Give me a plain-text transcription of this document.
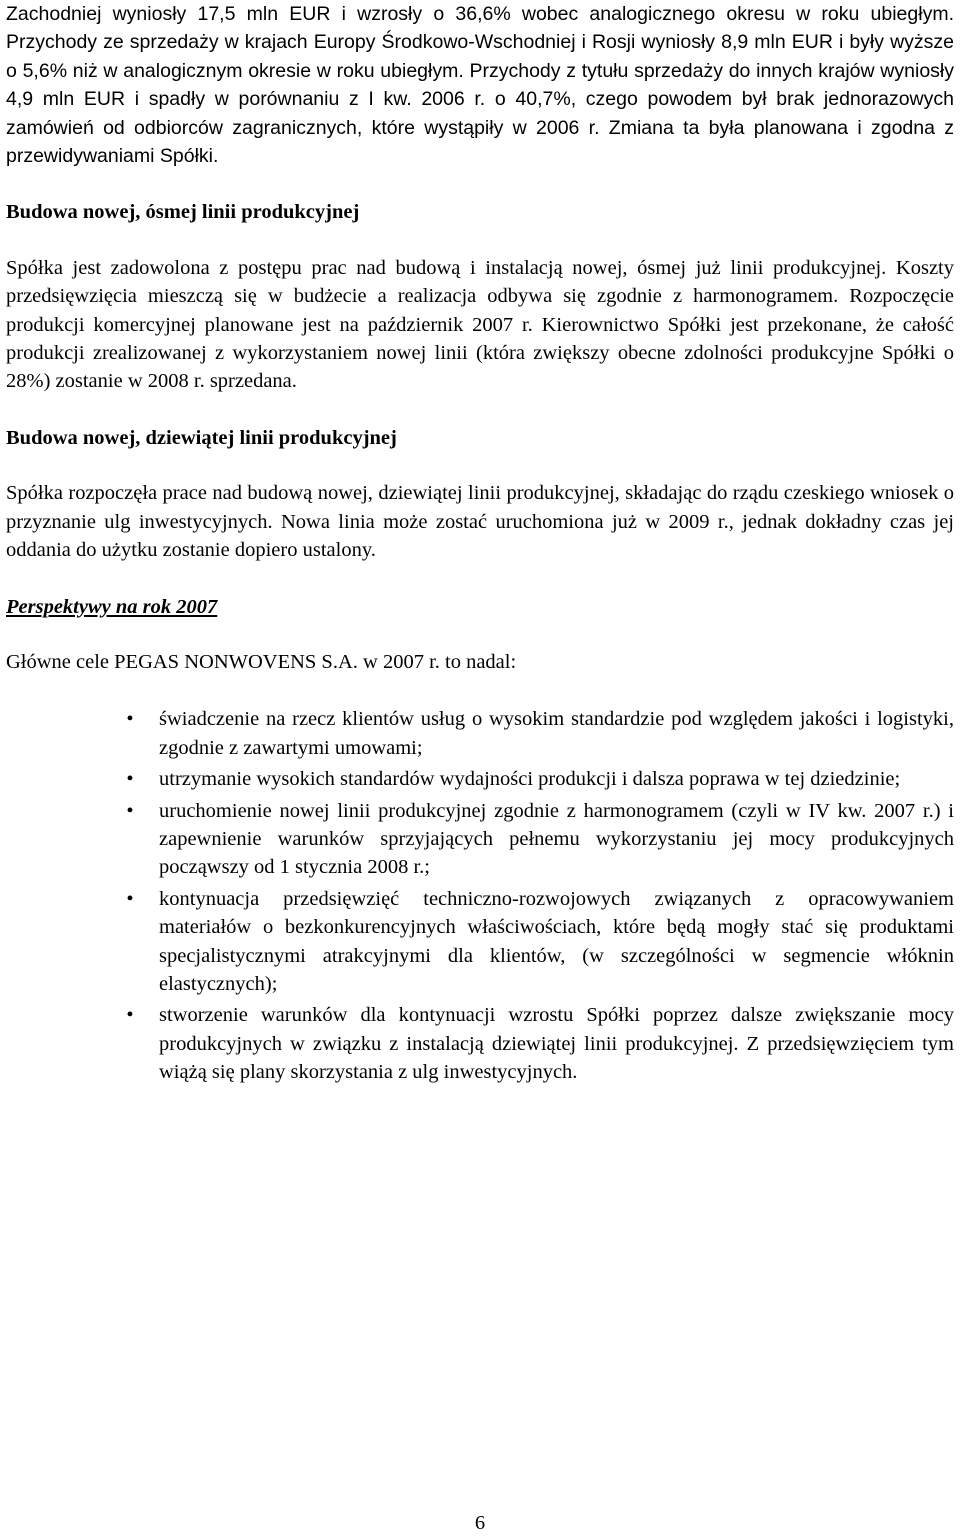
Zachodniej wyniosły 17,5 mln EUR i wzrosły o 36,6% wobec analogicznego okresu w roku ubiegłym. Przychody ze sprzedaży w krajach Europy Środkowo-Wschodniej i Rosji wyniosły 8,9 mln EUR i były wyższe o 5,6% niż w analogicznym okresie w roku ubiegłym. Przychody z tytułu sprzedaży do innych krajów wyniosły 4,9 mln EUR i spadły w porównaniu z I kw. 2006 r. o 40,7%, czego powodem był brak jednorazowych zamówień od odbiorców zagranicznych, które wystąpiły w 2006 r. Zmiana ta była planowana i zgodna z przewidywaniami Spółki.

Budowa nowej, ósmej linii produkcyjnej

Spółka jest zadowolona z postępu prac nad budową i instalacją nowej, ósmej już linii produkcyjnej. Koszty przedsięwzięcia mieszczą się w budżecie a realizacja odbywa się zgodnie z harmonogramem. Rozpoczęcie produkcji komercyjnej planowane jest na październik 2007 r. Kierownictwo Spółki jest przekonane, że całość produkcji zrealizowanej z wykorzystaniem nowej linii (która zwiększy obecne zdolności produkcyjne Spółki o 28%) zostanie w 2008 r. sprzedana.

Budowa nowej, dziewiątej linii produkcyjnej

Spółka rozpoczęła prace nad budową nowej, dziewiątej linii produkcyjnej, składając do rządu czeskiego wniosek o przyznanie ulg inwestycyjnych. Nowa linia może zostać uruchomiona już w 2009 r., jednak dokładny czas jej oddania do użytku zostanie dopiero ustalony.

Perspektywy na rok 2007

Główne cele PEGAS NONWOVENS S.A. w 2007 r. to nadal:

• świadczenie na rzecz klientów usług o wysokim standardzie pod względem jakości i logistyki, zgodnie z zawartymi umowami;
• utrzymanie wysokich standardów wydajności produkcji i dalsza poprawa w tej dziedzinie;
• uruchomienie nowej linii produkcyjnej zgodnie z harmonogramem (czyli w IV kw. 2007 r.) i zapewnienie warunków sprzyjających pełnemu wykorzystaniu jej mocy produkcyjnych począwszy od 1 stycznia 2008 r.;
• kontynuacja przedsięwzięć techniczno-rozwojowych związanych z opracowywaniem materiałów o bezkonkurencyjnych właściwościach, które będą mogły stać się produktami specjalistycznymi atrakcyjnymi dla klientów, (w szczególności w segmencie włóknin elastycznych);
• stworzenie warunków dla kontynuacji wzrostu Spółki poprzez dalsze zwiększanie mocy produkcyjnych w związku z instalacją dziewiątej linii produkcyjnej. Z przedsięwzięciem tym wiążą się plany skorzystania z ulg inwestycyjnych.
6
